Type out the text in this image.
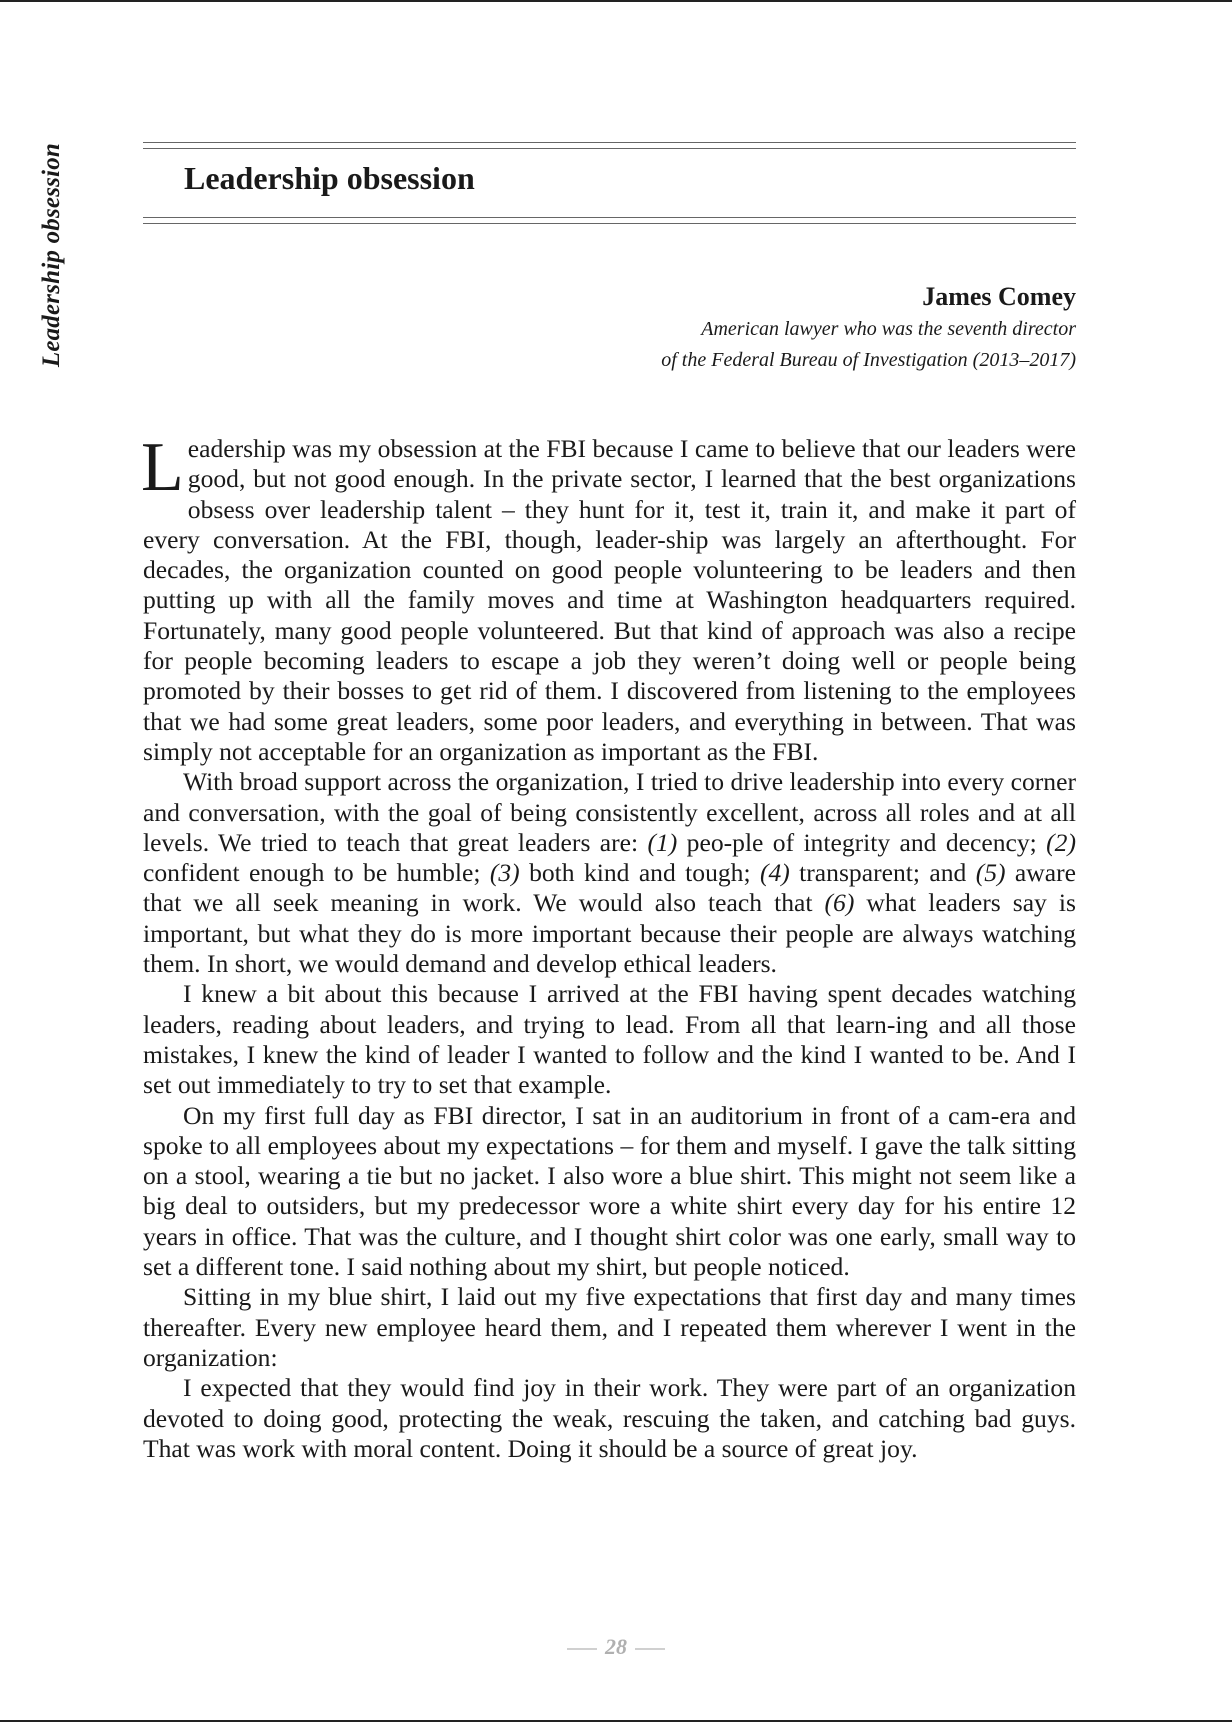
Leadership obsession	Leadership obsession
James Comey
American lawyer who was the seventh director
of the Federal Bureau of Investigation (2013–2017)

Leadership was my obsession at the FBI because I came to believe that our leaders were good, but not good enough. In the private sector, I learned that the best organizations obsess over leadership talent – they hunt for it, test it, train it, and make it part of every conversation. At the FBI, though, leader-ship was largely an afterthought. For decades, the organization counted on good people volunteering to be leaders and then putting up with all the family moves and time at Washington headquarters required. Fortunately, many good people volunteered. But that kind of approach was also a recipe for people becoming leaders to escape a job they weren’t doing well or people being promoted by their bosses to get rid of them. I discovered from listening to the employees that we had some great leaders, some poor leaders, and everything in between. That was simply not acceptable for an organization as important as the FBI.

With broad support across the organization, I tried to drive leadership into every corner and conversation, with the goal of being consistently excellent, across all roles and at all levels. We tried to teach that great leaders are: (1) peo-ple of integrity and decency; (2) confident enough to be humble; (3) both kind and tough; (4) transparent; and (5) aware that we all seek meaning in work. We would also teach that (6) what leaders say is important, but what they do is more important because their people are always watching them. In short, we would demand and develop ethical leaders.

I knew a bit about this because I arrived at the FBI having spent decades watching leaders, reading about leaders, and trying to lead. From all that learn-ing and all those mistakes, I knew the kind of leader I wanted to follow and the kind I wanted to be. And I set out immediately to try to set that example.

On my first full day as FBI director, I sat in an auditorium in front of a cam-era and spoke to all employees about my expectations – for them and myself. I gave the talk sitting on a stool, wearing a tie but no jacket. I also wore a blue shirt. This might not seem like a big deal to outsiders, but my predecessor wore a white shirt every day for his entire 12 years in office. That was the culture, and I thought shirt color was one early, small way to set a different tone. I said nothing about my shirt, but people noticed.

Sitting in my blue shirt, I laid out my five expectations that first day and many times thereafter. Every new employee heard them, and I repeated them wherever I went in the organization:

I expected that they would find joy in their work. They were part of an organization devoted to doing good, protecting the weak, rescuing the taken, and catching bad guys. That was work with moral content. Doing it should be a source of great joy.

28
